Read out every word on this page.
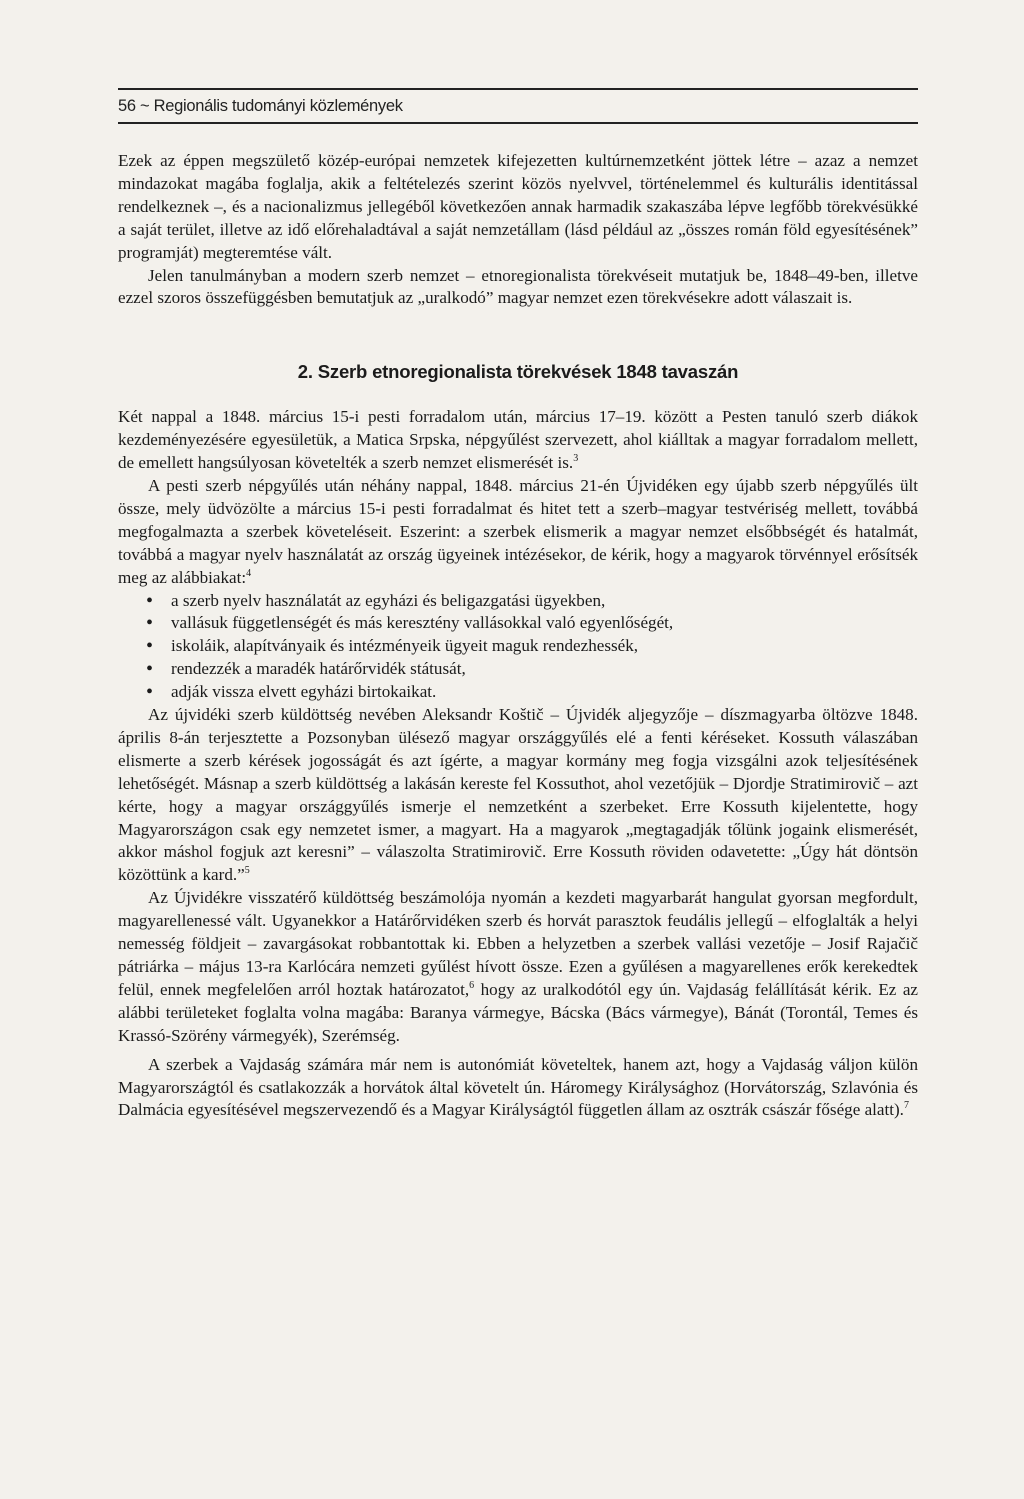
56 ~ Regionális tudományi közlemények

Ezek az éppen megszülető közép-európai nemzetek kifejezetten kultúrnemzetként jöttek létre – azaz a nemzet mindazokat magába foglalja, akik a feltételezés szerint közös nyelvvel, történelemmel és kulturális identitással rendelkeznek –, és a nacionalizmus jellegéből következően annak harmadik szakaszába lépve legfőbb törekvésükké a saját terület, illetve az idő előrehaladtával a saját nemzetállam (lásd például az „összes román föld egyesítésének” programját) megteremtése vált.

Jelen tanulmányban a modern szerb nemzet – etnoregionalista törekvéseit mutatjuk be, 1848–49-ben, illetve ezzel szoros összefüggésben bemutatjuk az „uralkodó” magyar nemzet ezen törekvésekre adott válaszait is.

2. Szerb etnoregionalista törekvések 1848 tavaszán

Két nappal a 1848. március 15-i pesti forradalom után, március 17–19. között a Pesten tanuló szerb diákok kezdeményezésére egyesületük, a Matica Srpska, népgyűlést szervezett, ahol kiálltak a magyar forradalom mellett, de emellett hangsúlyosan követelték a szerb nemzet elismerését is.$^3$

A pesti szerb népgyűlés után néhány nappal, 1848. március 21-én Újvidéken egy újabb szerb népgyűlés ült össze, mely üdvözölte a március 15-i pesti forradalmat és hitet tett a szerb–magyar testvériség mellett, továbbá megfogalmazta a szerbek követeléseit. Eszerint: a szerbek elismerik a magyar nemzet elsőbbségét és hatalmát, továbbá a magyar nyelv használatát az ország ügyeinek intézésekor, de kérik, hogy a magyarok törvénnyel erősítsék meg az alábbiakat:$^4$

• a szerb nyelv használatát az egyházi és beligazgatási ügyekben,
• vallásuk függetlenségét és más keresztény vallásokkal való egyenlőségét,
• iskoláik, alapítványaik és intézményeik ügyeit maguk rendezhessék,
• rendezzék a maradék határőrvidék státusát,
• adják vissza elvett egyházi birtokaikat.

Az újvidéki szerb küldöttség nevében Aleksandr Koštič – Újvidék aljegyzője – díszmagyarba öltözve 1848. április 8-án terjesztette a Pozsonyban ülésező magyar országgyűlés elé a fenti kéréseket. Kossuth válaszában elismerte a szerb kérések jogosságát és azt ígérte, a magyar kormány meg fogja vizsgálni azok teljesítésének lehetőségét. Másnap a szerb küldöttség a lakásán kereste fel Kossuthot, ahol vezetőjük – Djordje Stratimirovič – azt kérte, hogy a magyar országgyűlés ismerje el nemzetként a szerbeket. Erre Kossuth kijelentette, hogy Magyarországon csak egy nemzetet ismer, a magyart. Ha a magyarok „megtagadják tőlünk jogaink elismerését, akkor máshol fogjuk azt keresni” – válaszolta Stratimirovič. Erre Kossuth röviden odavetette: „Úgy hát döntsön közöttünk a kard.”$^5$

Az Újvidékre visszatérő küldöttség beszámolója nyomán a kezdeti magyarbarát hangulat gyorsan megfordult, magyarellenessé vált. Ugyanekkor a Határőrvidéken szerb és horvát parasztok feudális jellegű – elfoglalták a helyi nemesség földjeit – zavargásokat robbantottak ki. Ebben a helyzetben a szerbek vallási vezetője – Josif Rajačič pátriárka – május 13-ra Karlócára nemzeti gyűlést hívott össze. Ezen a gyűlésen a magyarellenes erők kerekedtek felül, ennek megfelelően arról hoztak határozatot,$^6$ hogy az uralkodótól egy ún. Vajdaság felállítását kérik. Ez az alábbi területeket foglalta volna magába: Baranya vármegye, Bácska (Bács vármegye), Bánát (Torontál, Temes és Krassó-Szörény vármegyék), Szerémség.

A szerbek a Vajdaság számára már nem is autonómiát követeltek, hanem azt, hogy a Vajdaság váljon külön Magyarországtól és csatlakozzák a horvátok által követelt ún. Háromegy Királysághoz (Horvátország, Szlavónia és Dalmácia egyesítésével megszervezendő és a Magyar Királyságtól független állam az osztrák császár fősége alatt).$^7$
